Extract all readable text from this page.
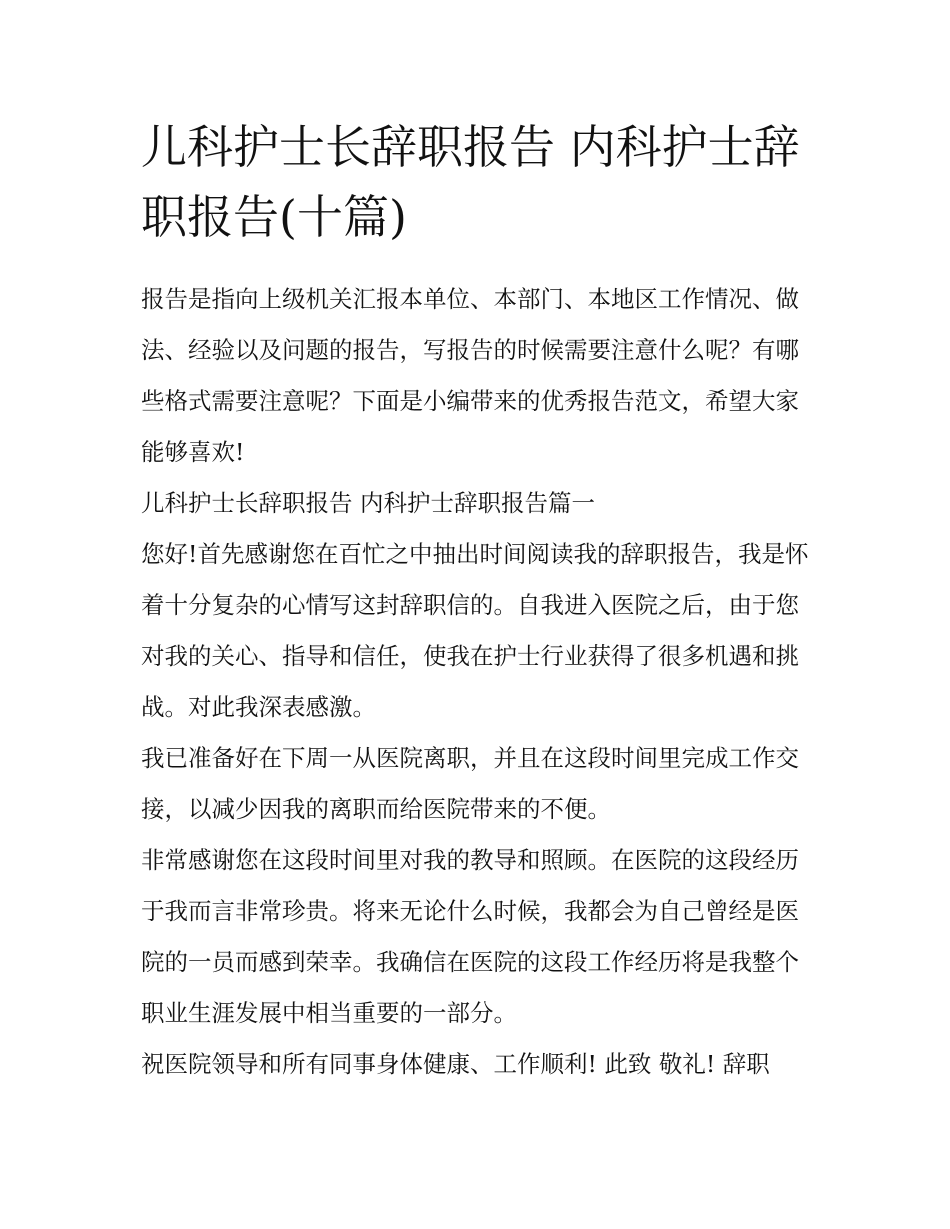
儿科护士长辞职报告 内科护士辞职报告(十篇)

报告是指向上级机关汇报本单位、本部门、本地区工作情况、做法、经验以及问题的报告，写报告的时候需要注意什么呢？有哪些格式需要注意呢？下面是小编带来的优秀报告范文，希望大家能够喜欢!

儿科护士长辞职报告 内科护士辞职报告篇一

您好!首先感谢您在百忙之中抽出时间阅读我的辞职报告，我是怀着十分复杂的心情写这封辞职信的。自我进入医院之后，由于您对我的关心、指导和信任，使我在护士行业获得了很多机遇和挑战。对此我深表感激。

我已准备好在下周一从医院离职，并且在这段时间里完成工作交接，以减少因我的离职而给医院带来的不便。

非常感谢您在这段时间里对我的教导和照顾。在医院的这段经历于我而言非常珍贵。将来无论什么时候，我都会为自己曾经是医院的一员而感到荣幸。我确信在医院的这段工作经历将是我整个职业生涯发展中相当重要的一部分。

祝医院领导和所有同事身体健康、工作顺利! 此致 敬礼! 辞职
